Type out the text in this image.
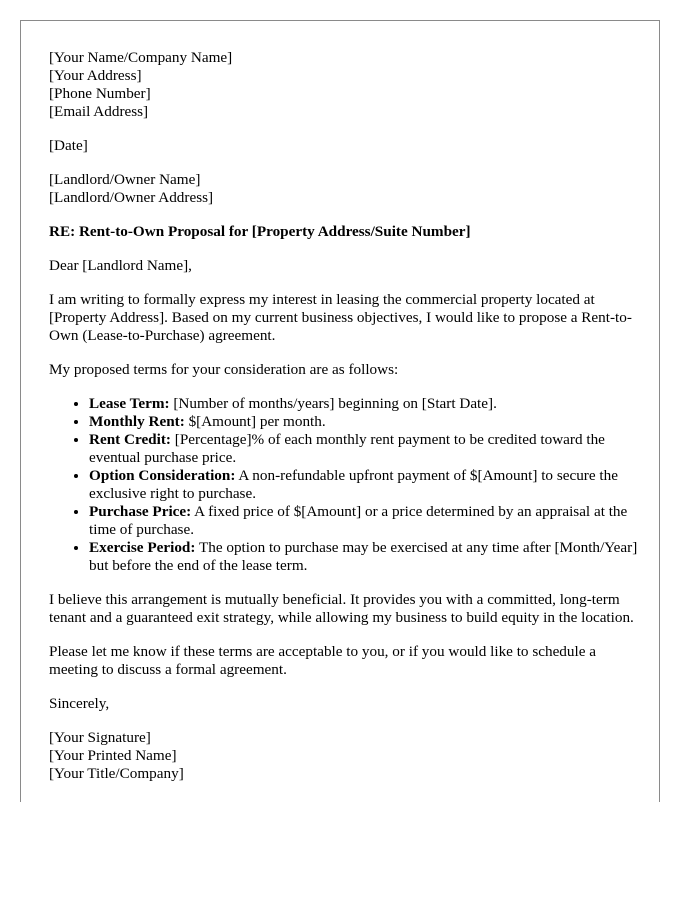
[Your Name/Company Name]
[Your Address]
[Phone Number]
[Email Address]
[Date]
[Landlord/Owner Name]
[Landlord/Owner Address]
RE: Rent-to-Own Proposal for [Property Address/Suite Number]

Dear [Landlord Name],

I am writing to formally express my interest in leasing the commercial property located at [Property Address]. Based on my current business objectives, I would like to propose a Rent-to-Own (Lease-to-Purchase) agreement.

My proposed terms for your consideration are as follows:

• Lease Term: [Number of months/years] beginning on [Start Date].
• Monthly Rent: $[Amount] per month.
• Rent Credit: [Percentage]% of each monthly rent payment to be credited toward the eventual purchase price.
• Option Consideration: A non-refundable upfront payment of $[Amount] to secure the exclusive right to purchase.
• Purchase Price: A fixed price of $[Amount] or a price determined by an appraisal at the time of purchase.
• Exercise Period: The option to purchase may be exercised at any time after [Month/Year] but before the end of the lease term.

I believe this arrangement is mutually beneficial. It provides you with a committed, long-term tenant and a guaranteed exit strategy, while allowing my business to build equity in the location.

Please let me know if these terms are acceptable to you, or if you would like to schedule a meeting to discuss a formal agreement.

Sincerely,

[Your Signature]
[Your Printed Name]
[Your Title/Company]
